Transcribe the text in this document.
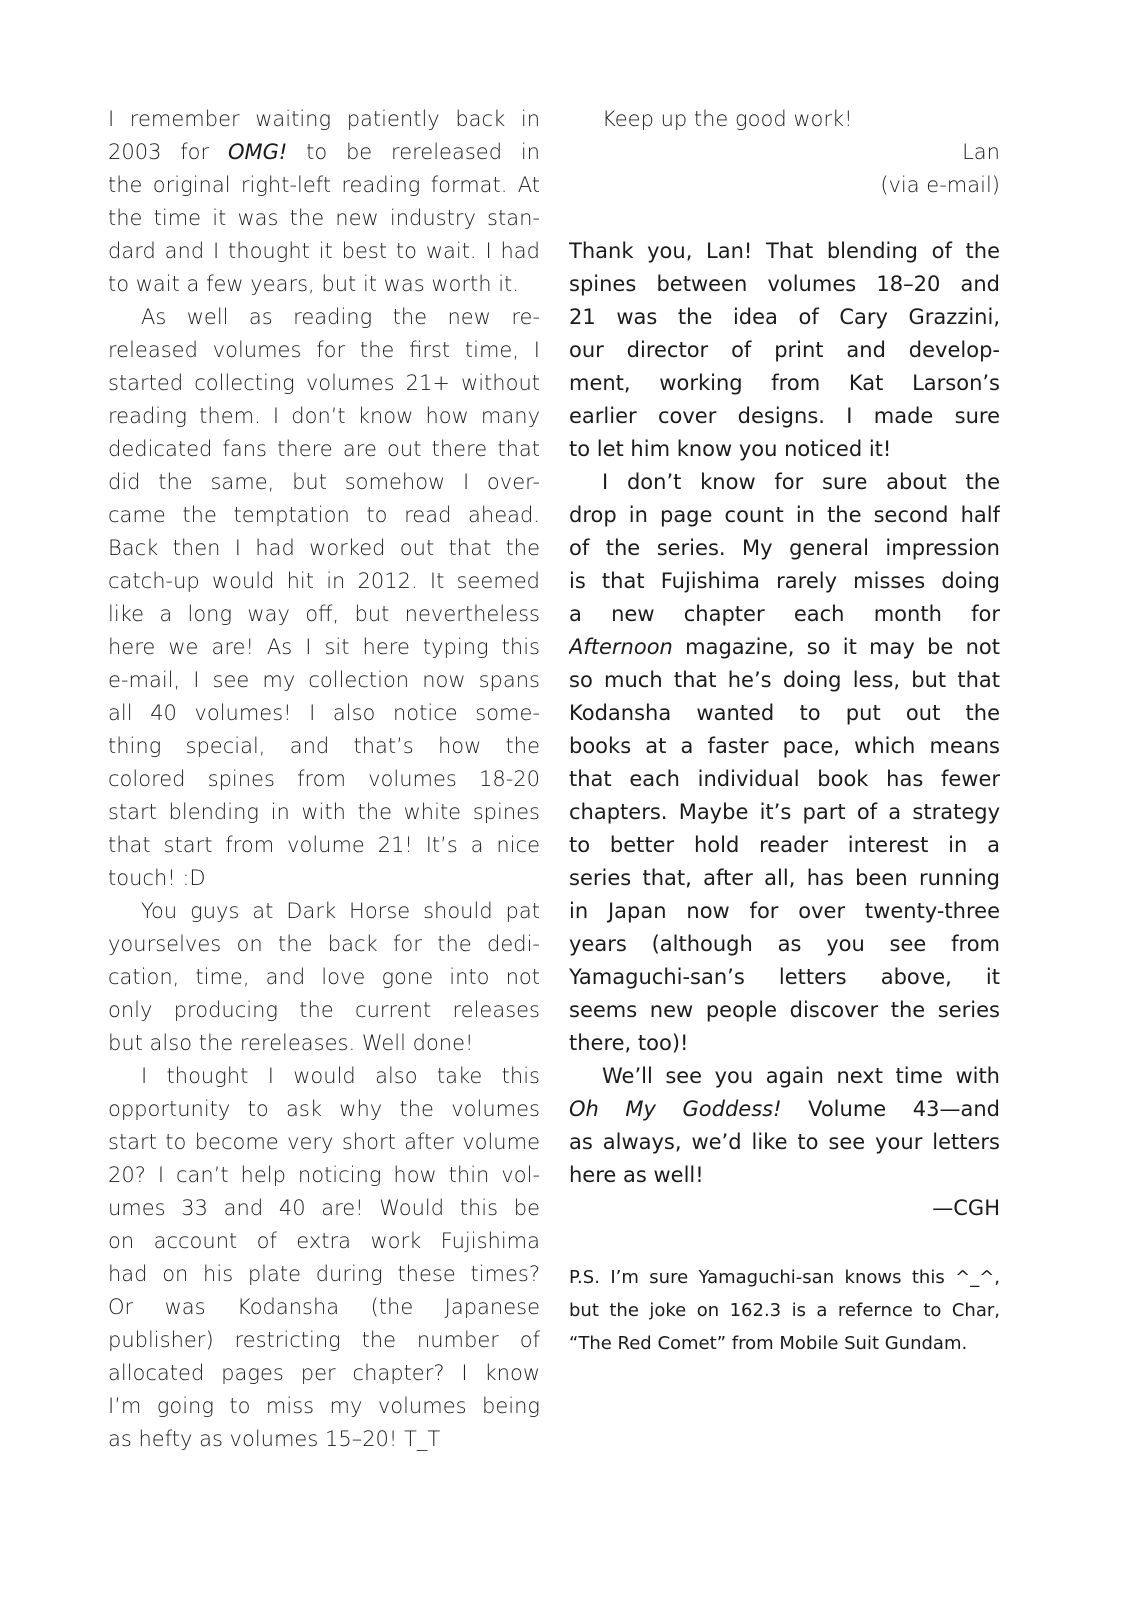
I remember waiting patiently back in
2003 for OMG! to be rereleased in
the original right-left reading format. At
the time it was the new industry stan-
dard and I thought it best to wait. I had
to wait a few years, but it was worth it.
As well as reading the new re-
released volumes for the first time, I
started collecting volumes 21+ without
reading them. I don’t know how many
dedicated fans there are out there that
did the same, but somehow I over-
came the temptation to read ahead.
Back then I had worked out that the
catch-up would hit in 2012. It seemed
like a long way off, but nevertheless
here we are! As I sit here typing this
e-mail, I see my collection now spans
all 40 volumes! I also notice some-
thing special, and that’s how the
colored spines from volumes 18-20
start blending in with the white spines
that start from volume 21! It’s a nice
touch! :D
You guys at Dark Horse should pat
yourselves on the back for the dedi-
cation, time, and love gone into not
only producing the current releases
but also the rereleases. Well done!
I thought I would also take this
opportunity to ask why the volumes
start to become very short after volume
20? I can’t help noticing how thin vol-
umes 33 and 40 are! Would this be
on account of extra work Fujishima
had on his plate during these times?
Or was Kodansha (the Japanese
publisher) restricting the number of
allocated pages per chapter? I know
I’m going to miss my volumes being
as hefty as volumes 15–20! T_T
Keep up the good work!
Lan
(via e-mail)
Thank you, Lan! That blending of the
spines between volumes 18–20 and
21 was the idea of Cary Grazzini,
our director of print and develop-
ment, working from Kat Larson’s
earlier cover designs. I made sure
to let him know you noticed it!
I don’t know for sure about the
drop in page count in the second half
of the series. My general impression
is that Fujishima rarely misses doing
a new chapter each month for
Afternoon magazine, so it may be not
so much that he’s doing less, but that
Kodansha wanted to put out the
books at a faster pace, which means
that each individual book has fewer
chapters. Maybe it’s part of a strategy
to better hold reader interest in a
series that, after all, has been running
in Japan now for over twenty-three
years (although as you see from
Yamaguchi-san’s letters above, it
seems new people discover the series
there, too)!
We’ll see you again next time with
Oh My Goddess! Volume 43—and
as always, we’d like to see your letters
here as well!
—CGH
P.S. I’m sure Yamaguchi-san knows this ^_^,
but the joke on 162.3 is a refernce to Char,
“The Red Comet” from Mobile Suit Gundam.
